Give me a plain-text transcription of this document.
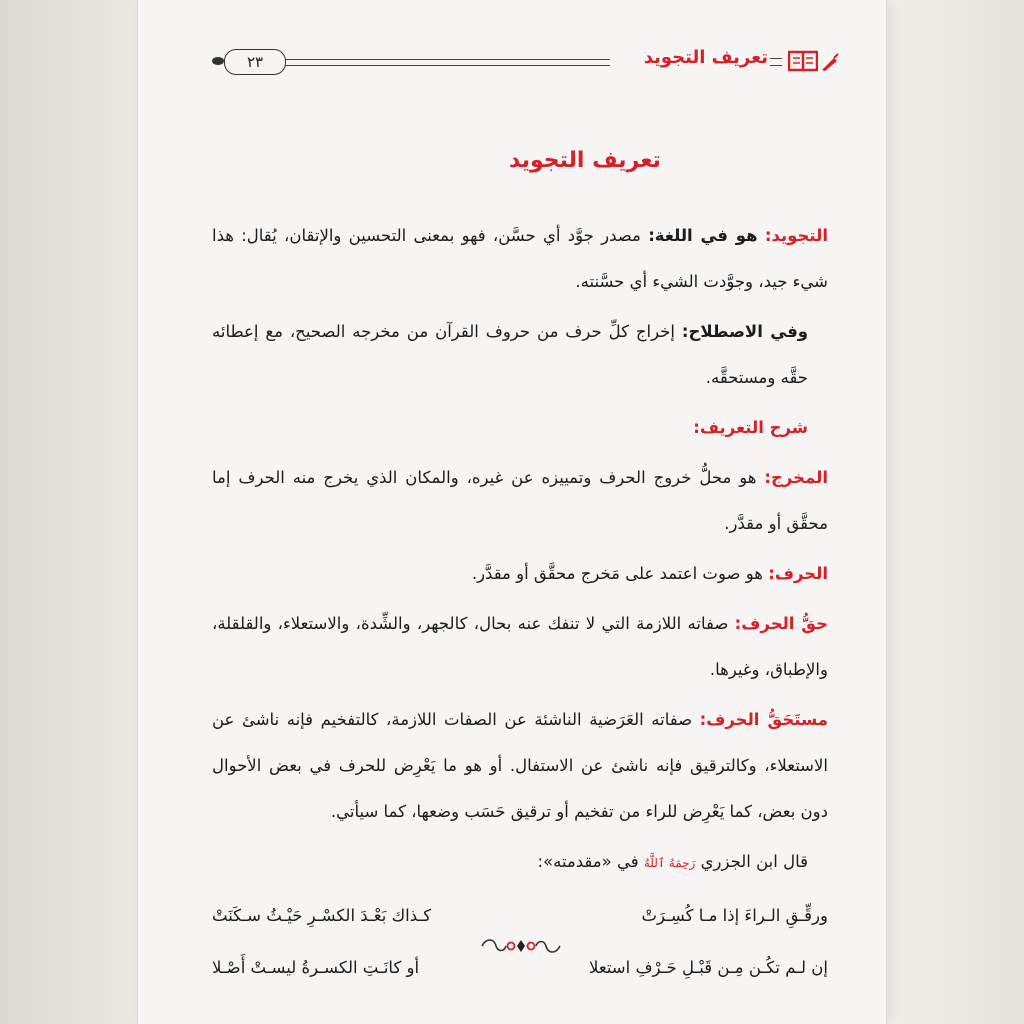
٢٣	تعريف التجويد
تعريف التجويد

التجويد: هو في اللغة: مصدر جوَّد أي حسَّن، فهو بمعنى التحسين والإتقان، يُقال: هذا شيء جيد، وجوَّدت الشيء أي حسَّنته.

وفي الاصطلاح: إخراج كلِّ حرف من حروف القرآن من مخرجه الصحيح، مع إعطائه حقَّه ومستحقَّه.

شرح التعريف:

المخرج: هو محلُّ خروج الحرف وتمييزه عن غيره، والمكان الذي يخرج منه الحرف إما محقَّق أو مقدَّر.

الحرف: هو صوت اعتمد على مَخرج محقَّق أو مقدَّر.

حقُّ الحرف: صفاته اللازمة التي لا تنفك عنه بحال، كالجهر، والشِّدة، والاستعلاء، والقلقلة، والإطباق، وغيرها.

مستَحَقُّ الحرف: صفاته العَرَضية الناشئة عن الصفات اللازمة، كالتفخيم فإنه ناشئ عن الاستعلاء، وكالترقيق فإنه ناشئ عن الاستفال. أو هو ما يَعْرِض للحرف في بعض الأحوال دون بعض، كما يَعْرِض للراء من تفخيم أو ترقيق حَسَب وضعها، كما سيأتي.

قال ابن الجزري رَحِمَهُ ٱللَّهُ في «مقدمته»:

ورقِّـقِ الـراءَ إذا مـا كُسِـرَتْ
كـذاك بَعْـدَ الكسْـرِ حَيْـثُ سـكَنَتْ
إن لـم تكُـن مِـن قَبْـلِ حَـرْفِ استعلا
أو كانَـتِ الكسـرةُ ليسـتْ أَصْـلا
